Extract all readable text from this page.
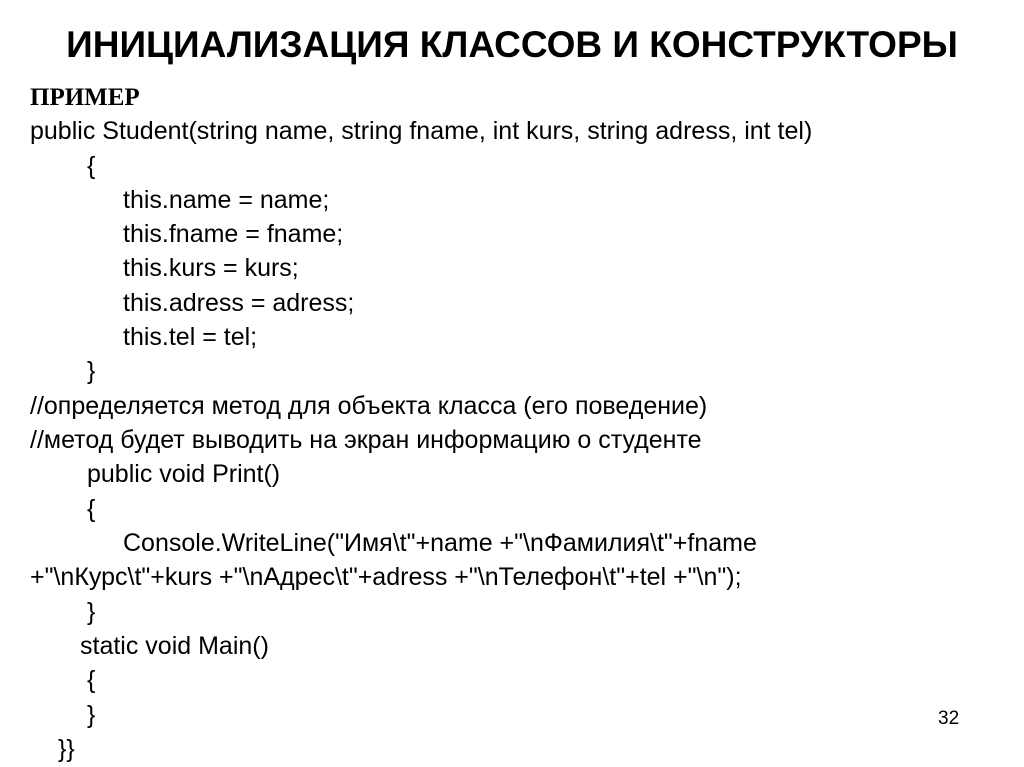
ИНИЦИАЛИЗАЦИЯ КЛАССОВ И КОНСТРУКТОРЫ
ПРИМЕР
public Student(string name, string fname, int kurs, string adress, int tel)
{
this.name = name;
this.fname = fname;
this.kurs = kurs;
this.adress = adress;
this.tel = tel;
}
//определяется метод для объекта класса (его поведение)
//метод будет выводить на экран информацию о студенте
public void Print()
{
Console.WriteLine("Имя\t"+name +"\nФамилия\t"+fname
+"\nКурс\t"+kurs +"\nАдрес\t"+adress +"\nТелефон\t"+tel +"\n");
}
static void Main()
{
}
}}
32
